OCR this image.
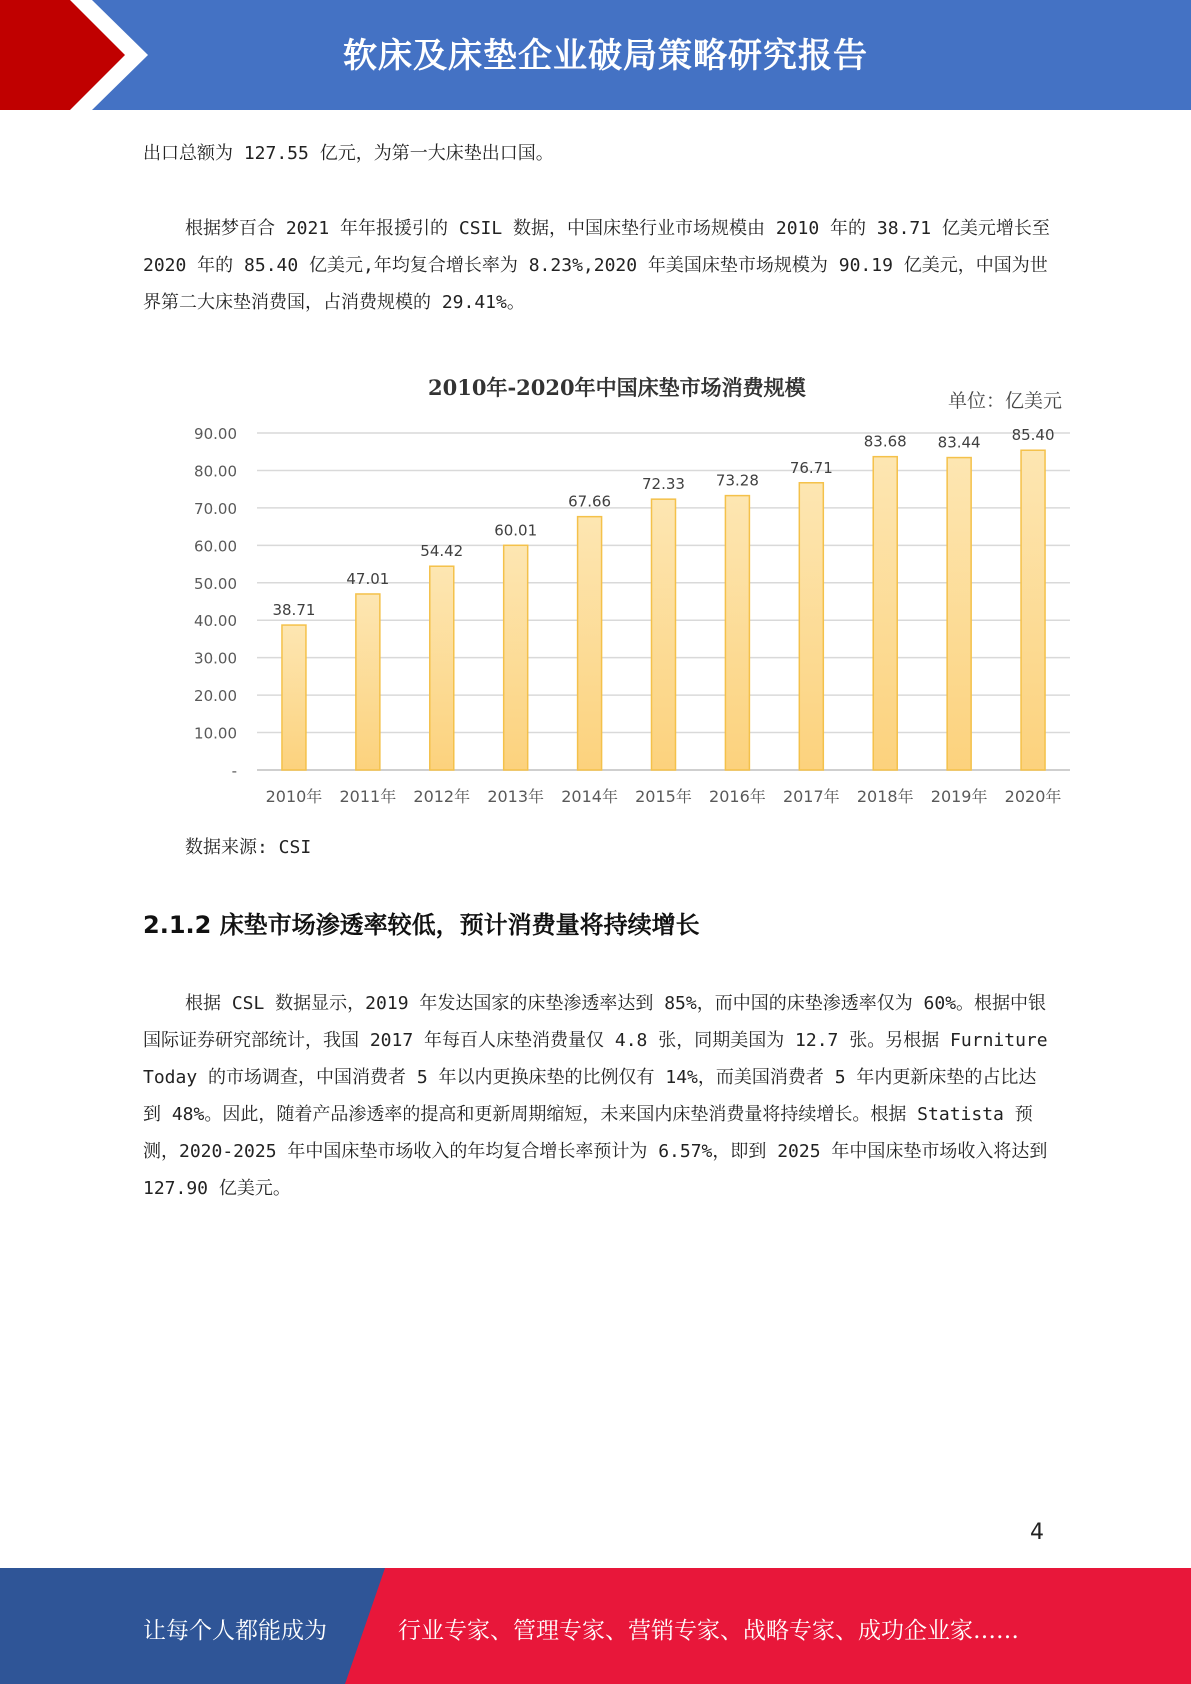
软床及床垫企业破局策略研究报告
出口总额为 127.55 亿元，为第一大床垫出口国。
根据梦百合 2021 年年报援引的 CSIL 数据，中国床垫行业市场规模由 2010 年的 38.71 亿美元增长至 2020 年的 85.40 亿美元,年均复合增长率为 8.23%,2020 年美国床垫市场规模为 90.19 亿美元，中国为世界第二大床垫消费国，占消费规模的 29.41%。
2010年-2020年中国床垫市场消费规模
单位：亿美元
-
10.00
20.00
30.00
40.00
50.00
60.00
70.00
80.00
90.00
38.71
47.01
54.42
60.01
67.66
72.33 73.28
76.71
83.68 83.44 85.40
2010年 2011年 2012年 2013年 2014年 2015年 2016年 2017年 2018年 2019年 2020年
数据来源: CSI
2.1.2 床垫市场渗透率较低，预计消费量将持续增长
根据 CSL 数据显示，2019 年发达国家的床垫渗透率达到 85%，而中国的床垫渗透率仅为 60%。根据中银国际证券研究部统计，我国 2017 年每百人床垫消费量仅 4.8 张，同期美国为 12.7 张。另根据 Furniture Today 的市场调查，中国消费者 5 年以内更换床垫的比例仅有 14%，而美国消费者 5 年内更新床垫的占比达到 48%。因此，随着产品渗透率的提高和更新周期缩短，未来国内床垫消费量将持续增长。根据 Statista 预测，2020-2025 年中国床垫市场收入的年均复合增长率预计为 6.57%，即到 2025 年中国床垫市场收入将达到 127.90 亿美元。
4
让每个人都能成为	行业专家、管理专家、营销专家、战略专家、成功企业家……
